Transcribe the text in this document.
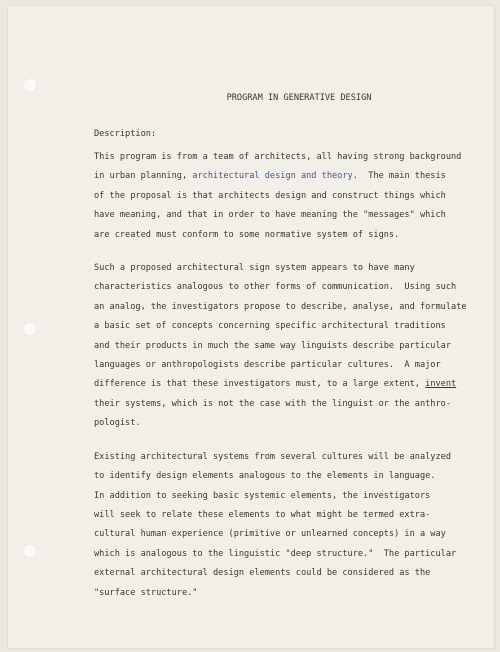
PROGRAM IN GENERATIVE DESIGN
Description:
This program is from a team of architects, all having strong background
in urban planning, architectural design and theory.  The main thesis
of the proposal is that architects design and construct things which
have meaning, and that in order to have meaning the "messages" which
are created must conform to some normative system of signs.
Such a proposed architectural sign system appears to have many
characteristics analogous to other forms of communication.  Using such
an analog, the investigators propose to describe, analyse, and formulate
a basic set of concepts concerning specific architectural traditions
and their products in much the same way linguists describe particular
languages or anthropologists describe particular cultures.  A major
difference is that these investigators must, to a large extent, invent
their systems, which is not the case with the linguist or the anthro-
pologist.
Existing architectural systems from several cultures will be analyzed
to identify design elements analogous to the elements in language.
In addition to seeking basic systemic elements, the investigators
will seek to relate these elements to what might be termed extra-
cultural human experience (primitive or unlearned concepts) in a way
which is analogous to the linguistic "deep structure."  The particular
external architectural design elements could be considered as the
"surface structure."
